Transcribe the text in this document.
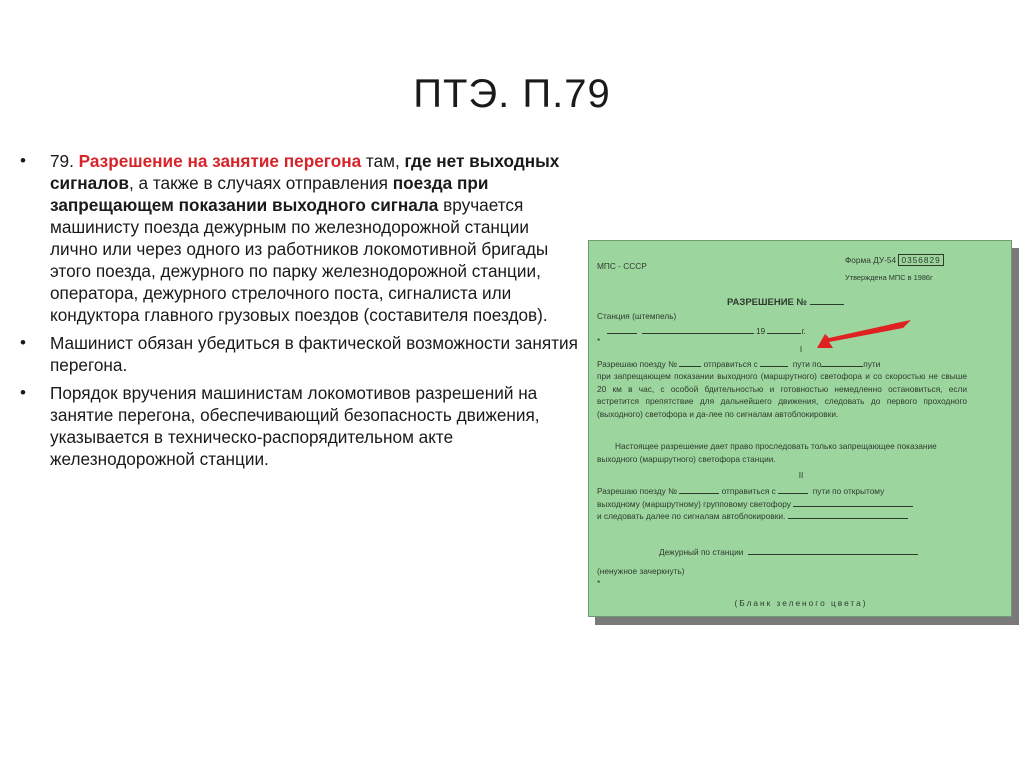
ПТЭ. П.79
• 79. Разрешение на занятие перегона там, где нет выходных сигналов, а также в случаях отправления поезда при запрещающем показании выходного сигнала вручается машинисту поезда дежурным по железнодорожной станции лично или через одного из работников локомотивной бригады этого поезда, дежурного по парку железнодорожной станции, оператора, дежурного стрелочного поста, сигналиста или кондуктора главного грузовых поездов (составителя поездов).
• Машинист обязан убедиться в фактической возможности занятия перегона.
• Порядок вручения машинистам локомотивов разрешений на занятие перегона, обеспечивающий безопасность движения, указывается в техническо-распорядительном акте железнодорожной станции.
МПС - СССР
Форма ДУ-54 0356829
Утверждена МПС в 1986г
РАЗРЕШЕНИЕ №
Станция (штемпель)
19	г.
*
I
Разрешаю поезду №	отправиться с	пути по	пути
при запрещающем показании выходного (маршрутного) светофора и со скоростью не свыше 20 км в час, с особой бдительностью и готовностью немедленно остановиться, если встретится препятствие для дальнейшего движения, следовать до первого проходного (выходного) светофора и да-лее по сигналам автоблокировки.
Настоящее разрешение дает право проследовать только запрещающее показание выходного (маршрутного) светофора станции.
II
Разрешаю поезду №	отправиться с	пути по открытому
выходному (маршрутному) групповому светофору
и следовать далее по сигналам автоблокировки.
Дежурный по станции
(ненужное зачеркнуть)
*
(Бланк зеленого цвета)
